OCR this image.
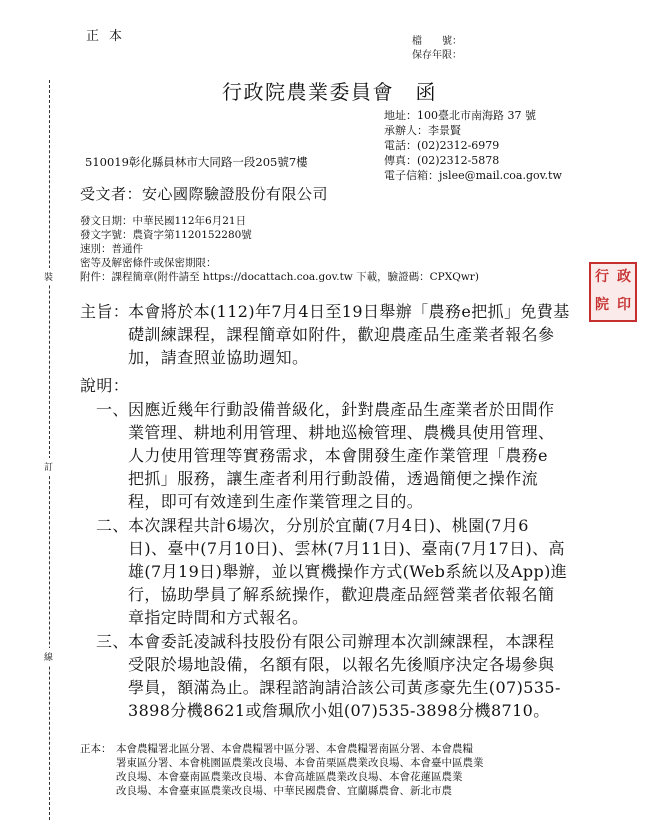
裝
訂
線
正本	檔　　號：
保存年限：
行政院農業委員會　函
地址：100臺北市南海路 37 號
承辦人：李景賢
電話：(02)2312-6979
傳真：(02)2312-5878
電子信箱：jslee@mail.coa.gov.tw
510019彰化縣員林市大同路一段205號7樓
受文者：安心國際驗證股份有限公司
發文日期：中華民國112年6月21日
發文字號：農資字第1120152280號
速別：普通件
密等及解密條件或保密期限：
附件：課程簡章(附件請至 https://docattach.coa.gov.tw 下載，驗證碼：CPXQwr)	行 政
院 印
主旨：
本會將於本(112)年7月4日至19日舉辦「農務e把抓」免費基
礎訓練課程，課程簡章如附件，歡迎農產品生產業者報名參
加，請查照並協助週知。
說明：
一、 因應近幾年行動設備普級化，針對農產品生產業者於田間作
業管理、耕地利用管理、耕地巡檢管理、農機具使用管理、
人力使用管理等實務需求，本會開發生產作業管理「農務e
把抓」服務，讓生產者利用行動設備，透過簡便之操作流
程，即可有效達到生產作業管理之目的。
二、 本次課程共計6場次，分別於宜蘭(7月4日)、桃園(7月6
日)、臺中(7月10日)、雲林(7月11日)、臺南(7月17日)、高
雄(7月19日)舉辦，並以實機操作方式(Web系統以及App)進
行，協助學員了解系統操作，歡迎農產品經營業者依報名簡
章指定時間和方式報名。
三、 本會委託凌誠科技股份有限公司辦理本次訓練課程，本課程
受限於場地設備，名額有限，以報名先後順序決定各場參與
學員，額滿為止。課程諮詢請洽該公司黃彥豪先生(07)535-
3898分機8621或詹珮欣小姐(07)535-3898分機8710。
正本： 本會農糧署北區分署、本會農糧署中區分署、本會農糧署南區分署、本會農糧
署東區分署、本會桃園區農業改良場、本會苗栗區農業改良場、本會臺中區農業
改良場、本會臺南區農業改良場、本會高雄區農業改良場、本會花蓮區農業
改良場、本會臺東區農業改良場、中華民國農會、宜蘭縣農會、新北市農
